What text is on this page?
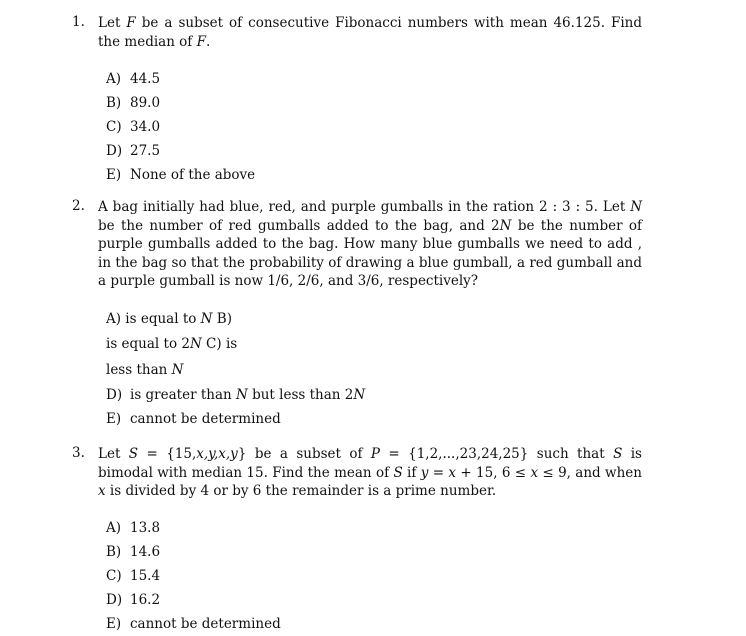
1. Let F be a subset of consecutive Fibonacci numbers with mean 46.125. Find the median of F.
A) 44.5
B) 89.0
C) 34.0
D) 27.5
E) None of the above
2. A bag initially had blue, red, and purple gumballs in the ration 2 : 3 : 5. Let N be the number of red gumballs added to the bag, and 2N be the number of purple gumballs added to the bag. How many blue gumballs we need to add , in the bag so that the probability of drawing a blue gumball, a red gumball and a purple gumball is now 1/6, 2/6, and 3/6, respectively?
A) is equal to N B)
is equal to 2N C) is
less than N
D) is greater than N but less than 2N
E) cannot be determined
3. Let S = {15,x,y,x,y} be a subset of P = {1,2,...,23,24,25} such that S is bimodal with median 15. Find the mean of S if y = x + 15, 6 ≤ x ≤ 9, and when x is divided by 4 or by 6 the remainder is a prime number.
A) 13.8
B) 14.6
C) 15.4
D) 16.2
E) cannot be determined
